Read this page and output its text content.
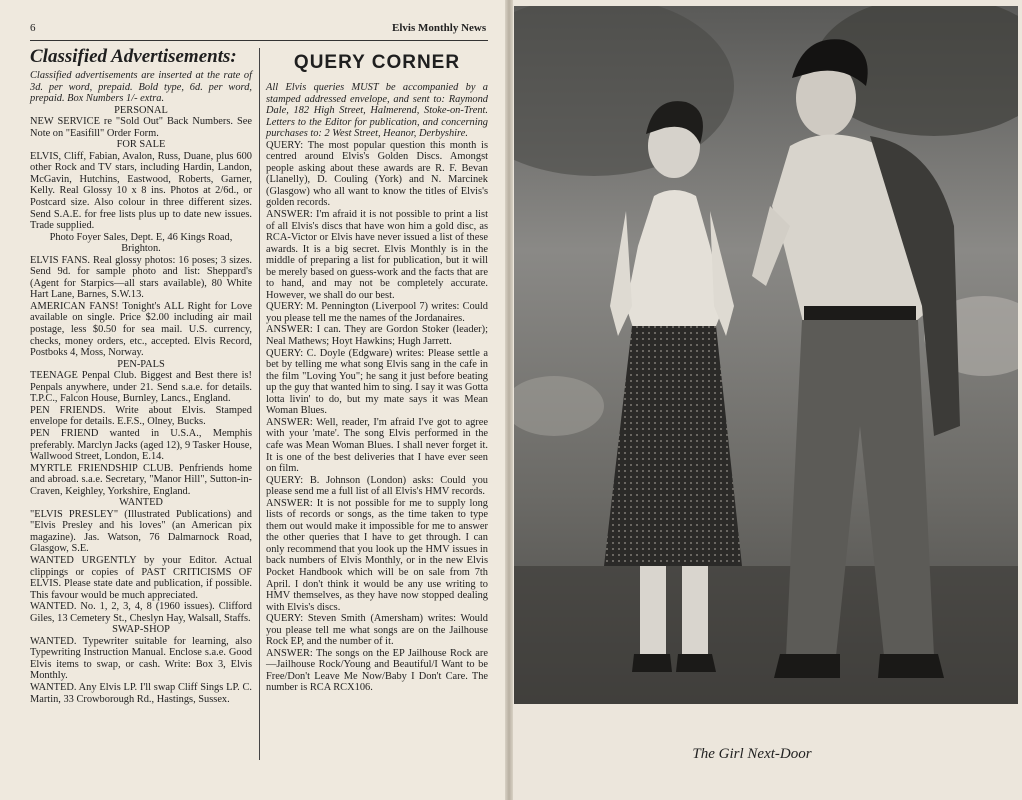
6	Elvis Monthly News
Classified Advertisements:

Classified advertisements are inserted at the rate of 3d. per word, prepaid. Bold type, 6d. per word, prepaid. Box Numbers 1/- extra.

PERSONAL

NEW SERVICE re "Sold Out" Back Numbers. See Note on "Easifill" Order Form.

FOR SALE

ELVIS, Cliff, Fabian, Avalon, Russ, Duane, plus 600 other Rock and TV stars, including Hardin, Landon, McGavin, Hutchins, Eastwood, Roberts, Garner, Kelly. Real Glossy 10 x 8 ins. Photos at 2/6d., or Postcard size. Also colour in three different sizes. Send S.A.E. for free lists plus up to date new issues. Trade supplied.

Photo Foyer Sales, Dept. E, 46 Kings Road, Brighton.

ELVIS FANS. Real glossy photos: 16 poses; 3 sizes. Send 9d. for sample photo and list: Sheppard's (Agent for Starpics—all stars available), 80 White Hart Lane, Barnes, S.W.13.

AMERICAN FANS! Tonight's ALL Right for Love available on single. Price $2.00 including air mail postage, less $0.50 for sea mail. U.S. currency, checks, money orders, etc., accepted. Elvis Record, Postboks 4, Moss, Norway.

PEN-PALS

TEENAGE Penpal Club. Biggest and Best there is! Penpals anywhere, under 21. Send s.a.e. for details. T.P.C., Falcon House, Burnley, Lancs., England.

PEN FRIENDS. Write about Elvis. Stamped envelope for details. E.F.S., Olney, Bucks.

PEN FRIEND wanted in U.S.A., Memphis preferably. Marclyn Jacks (aged 12), 9 Tasker House, Wallwood Street, London, E.14.

MYRTLE FRIENDSHIP CLUB. Penfriends home and abroad. s.a.e. Secretary, "Manor Hill", Sutton-in-Craven, Keighley, Yorkshire, England.

WANTED

"ELVIS PRESLEY" (Illustrated Publications) and "Elvis Presley and his loves" (an American pix magazine). Jas. Watson, 76 Dalmarnock Road, Glasgow, S.E.

WANTED URGENTLY by your Editor. Actual clippings or copies of PAST CRITICISMS OF ELVIS. Please state date and publication, if possible. This favour would be much appreciated.

WANTED. No. 1, 2, 3, 4, 8 (1960 issues). Clifford Giles, 13 Cemetery St., Cheslyn Hay, Walsall, Staffs.

SWAP-SHOP

WANTED. Typewriter suitable for learning, also Typewriting Instruction Manual. Enclose s.a.e. Good Elvis items to swap, or cash. Write: Box 3, Elvis Monthly.

WANTED. Any Elvis LP. I'll swap Cliff Sings LP. C. Martin, 33 Crowborough Rd., Hastings, Sussex.

QUERY CORNER

All Elvis queries MUST be accompanied by a stamped addressed envelope, and sent to: Raymond Dale, 182 High Street, Halmerend, Stoke-on-Trent. Letters to the Editor for publication, and concerning purchases to: 2 West Street, Heanor, Derbyshire.

QUERY: The most popular question this month is centred around Elvis's Golden Discs. Amongst people asking about these awards are R. F. Bevan (Llanelly), D. Couling (York) and N. Marcinek (Glasgow) who all want to know the titles of Elvis's golden records.

ANSWER: I'm afraid it is not possible to print a list of all Elvis's discs that have won him a gold disc, as RCA-Victor or Elvis have never issued a list of these awards. It is a big secret. Elvis Monthly is in the middle of preparing a list for publication, but it will be merely based on guess-work and the facts that are to hand, and may not be completely accurate. However, we shall do our best.

QUERY: M. Pennington (Liverpool 7) writes: Could you please tell me the names of the Jordanaires.

ANSWER: I can. They are Gordon Stoker (leader); Neal Mathews; Hoyt Hawkins; Hugh Jarrett.

QUERY: C. Doyle (Edgware) writes: Please settle a bet by telling me what song Elvis sang in the cafe in the film "Loving You"; he sang it just before beating up the guy that wanted him to sing. I say it was Gotta lotta livin' to do, but my mate says it was Mean Woman Blues.

ANSWER: Well, reader, I'm afraid I've got to agree with your 'mate'. The song Elvis performed in the cafe was Mean Woman Blues. I shall never forget it. It is one of the best deliveries that I have ever seen on film.

QUERY: B. Johnson (London) asks: Could you please send me a full list of all Elvis's HMV records.

ANSWER: It is not possible for me to supply long lists of records or songs, as the time taken to type them out would make it impossible for me to answer the other queries that I have to get through. I can only recommend that you look up the HMV issues in back numbers of Elvis Monthly, or in the new Elvis Pocket Handbook which will be on sale from 7th April. I don't think it would be any use writing to HMV themselves, as they have now stopped dealing with Elvis's discs.

QUERY: Steven Smith (Amersham) writes: Would you please tell me what songs are on the Jailhouse Rock EP, and the number of it.

ANSWER: The songs on the EP Jailhouse Rock are—Jailhouse Rock/Young and Beautiful/I Want to be Free/Don't Leave Me Now/Baby I Don't Care. The number is RCA RCX106.

The Girl Next-Door
